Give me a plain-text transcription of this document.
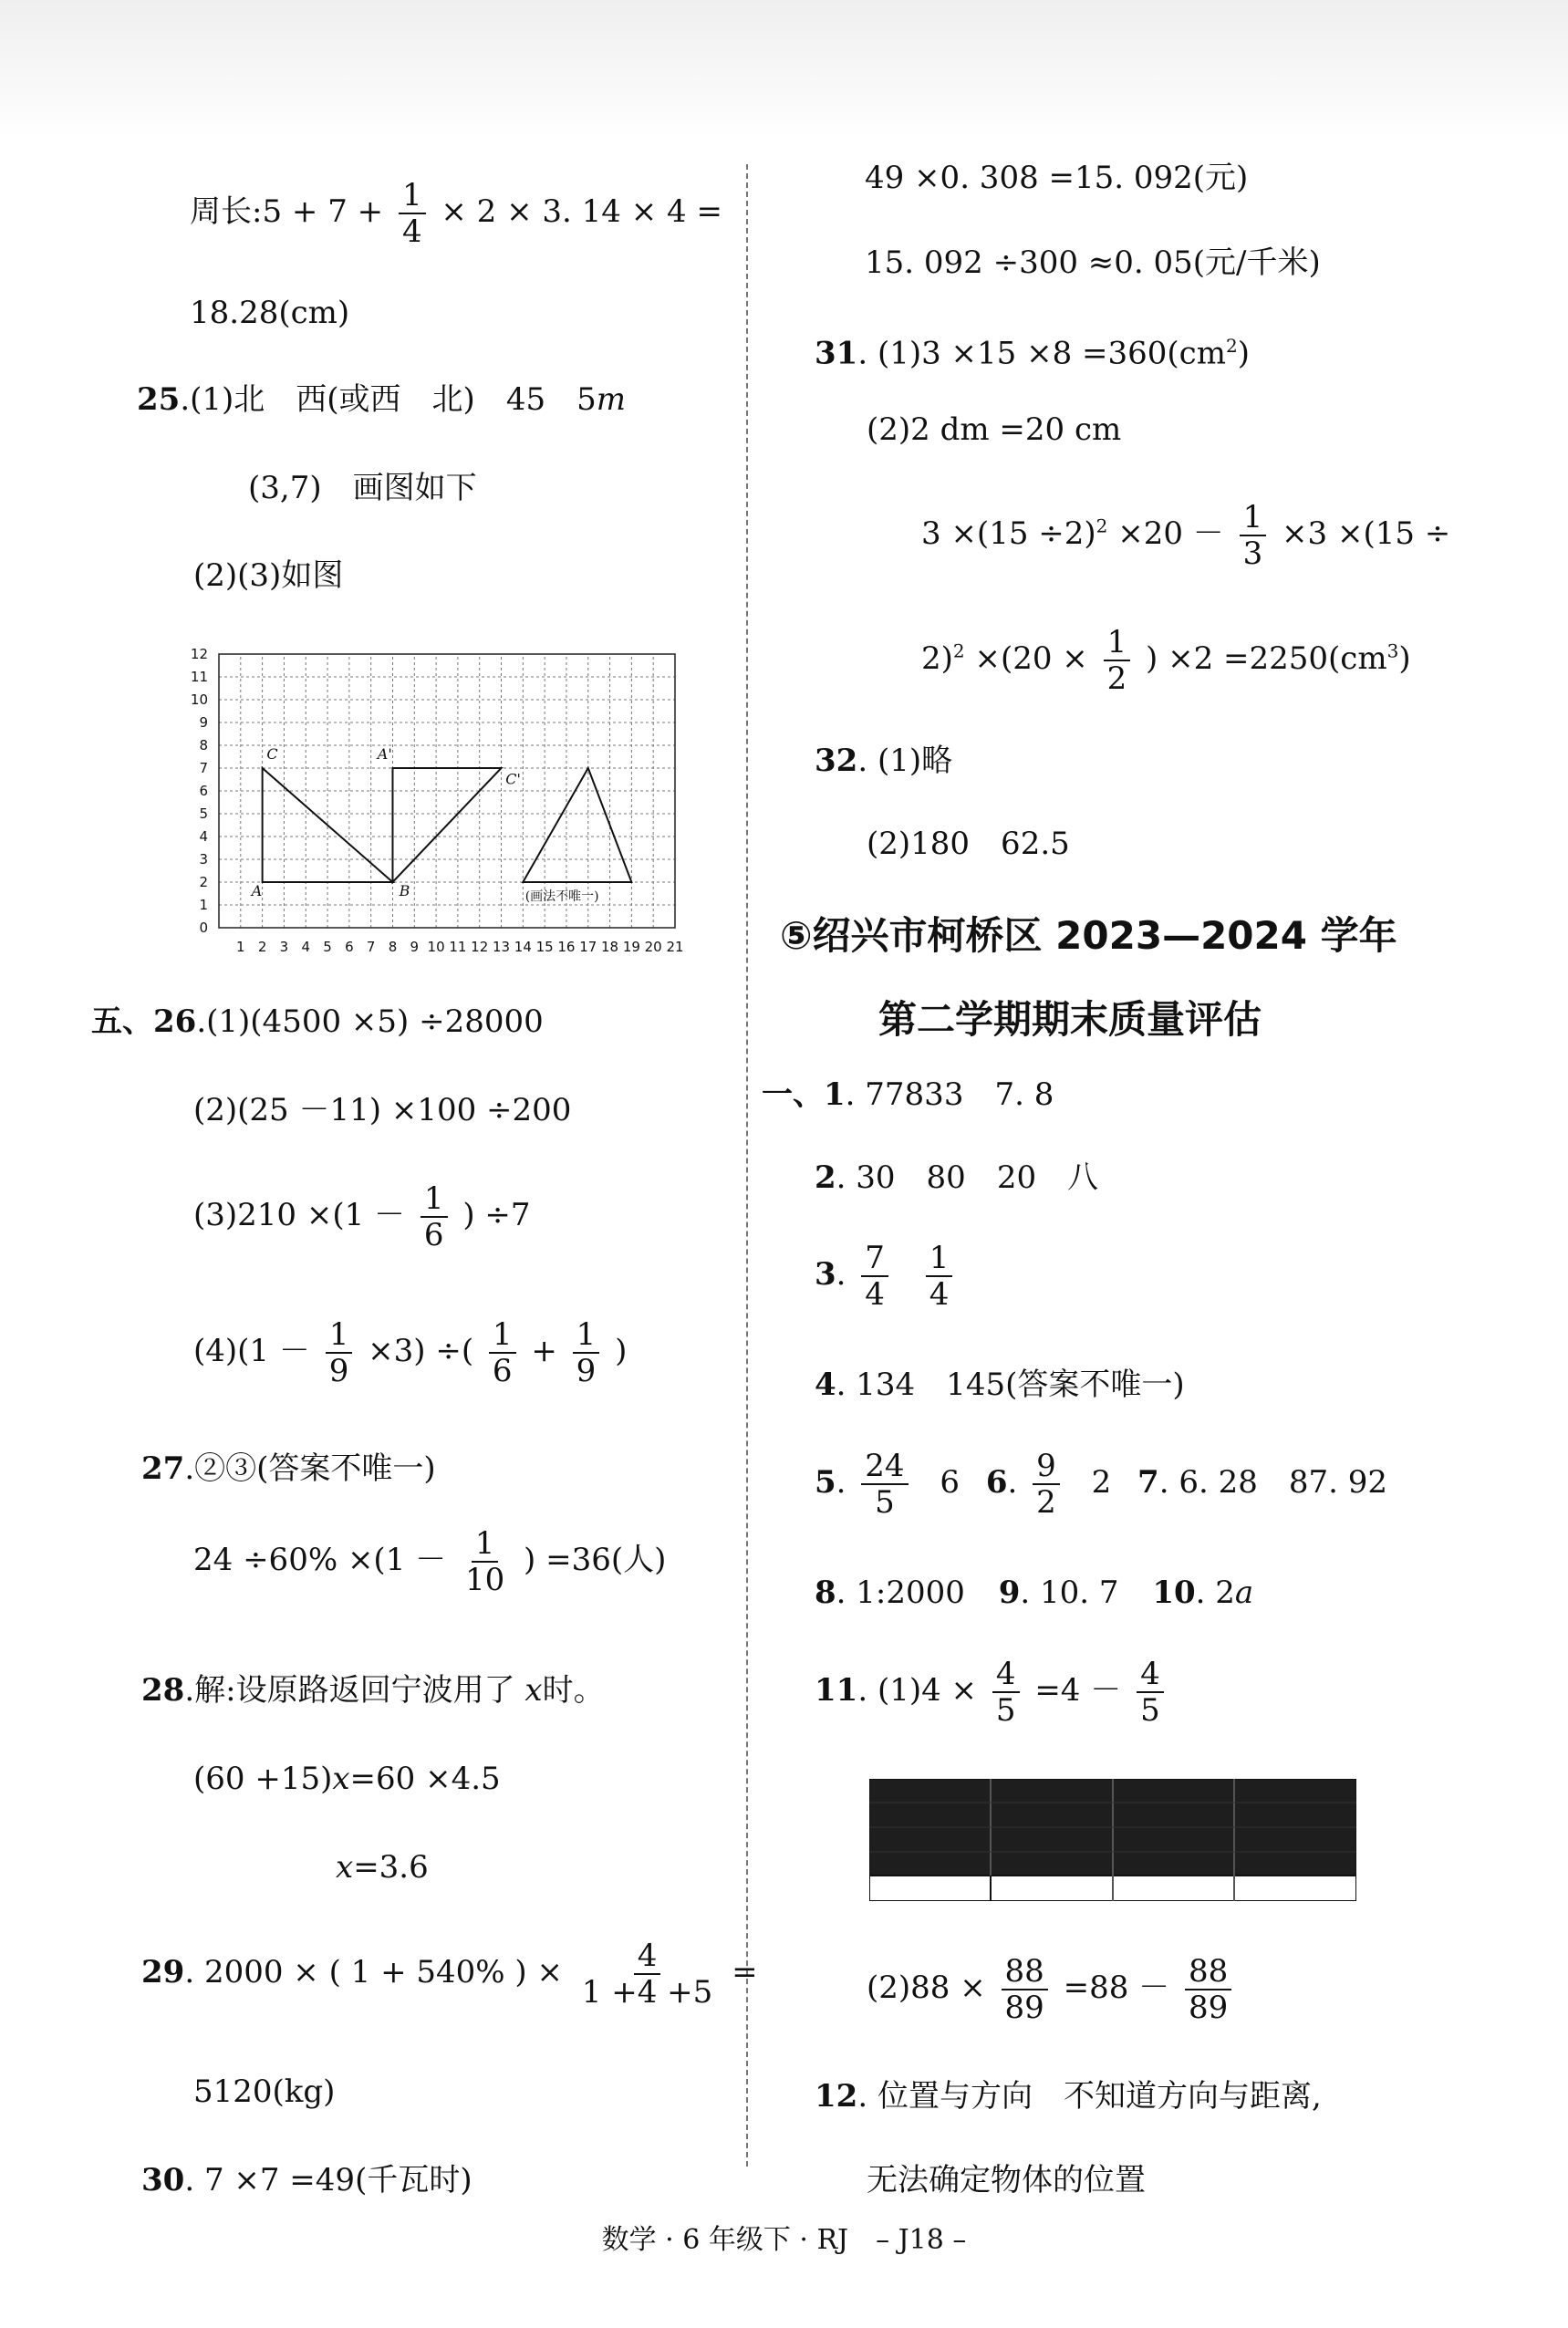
周长:5 + $7 + \frac{1}{4} \times 2 \times 3$. 14 × 4 =
18.28(cm)
25.(1)北　西(或西　北)　45　5m
(3,7)　画图如下
(2)(3)如图
1 2 3 4 5 6 7 8 9 10 11 12 13 14 15 16 17 18 19 20 21
0
1
2
3
4
5
6
7
8
9
10
11
12
A	B
C	A'
C'
(画法不唯一)
五、26.(1)(4500 ×5) ÷28000
(2)(25 －11) ×100 ÷200
$(3)210 \times(1 - \frac{1}{6}$ ) ÷7
$(4)(1 - \frac{1}{9} \times 3)$ ÷( $\frac{1}{6} + \frac{1}{9}$ )
27.②③(答案不唯一)
$24 \div 60\% \times(1 - \frac{1}{10}$ ) =36(人)
28.解:设原路返回宁波用了 x时。
(60 +15)x=60 ×4.5
x=3.6
29. 2000 × ( 1 + 540% ) × $\frac{4}{1 +4 +5}$ =
5120(kg)
30. 7 ×7 =49(千瓦时)
49 ×0. 308 =15. 092(元)
15. 092 ÷300 ≈0. 05(元/千米)
31. $(1)3 \times 15 \times 8 =360(cm^2)$
(2)2 dm =20 cm
$3 \times(15 \div 2)^2 \times 20 - \frac{1}{3} \times 3 \times(15$ ÷
$2)^2 \times(20 \times \frac{1}{2}$ ) $\times 2 =2250(cm^3)$
32. (1)略
(2)180　62.5
⑤绍兴市柯桥区 2023—2024 学年
第二学期期末质量评估
一、1. 77833　7. 8
2. 30　80　20　八
3. $\frac{7}{4}$
$\frac{1}{4}$
4. 134　145(答案不唯一)
5. $\frac{24}{5} 6$ 6. $\frac{9}{2} 2$ 7. 6. 28　87. 92
8. 1:2000 9. 10. 7 10. 2a
11. $(1)4 \times \frac{4}{5} =4 - \frac{4}{5}$
$(2)88 \times \frac{88}{89} =88 - \frac{88}{89}$
12. 位置与方向　不知道方向与距离,
无法确定物体的位置
数学 · 6 年级下 · RJ　– J18 –
